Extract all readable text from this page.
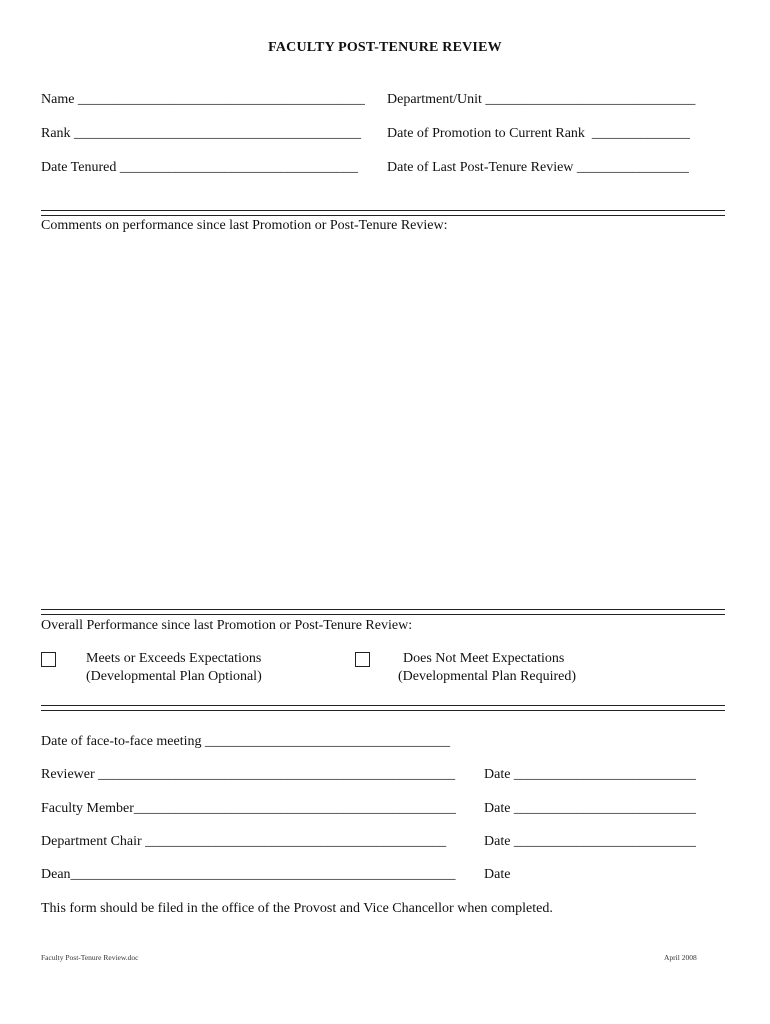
FACULTY POST-TENURE REVIEW
Name _________________________________________ Department/Unit ______________________________
Rank _________________________________________ Date of Promotion to Current Rank  ______________
Date Tenured __________________________________ Date of Last Post-Tenure Review ________________
Comments on performance since last Promotion or Post-Tenure Review:
Overall Performance since last Promotion or Post-Tenure Review:
Meets or Exceeds Expectations
(Developmental Plan Optional)
Does Not Meet Expectations
(Developmental Plan Required)
Date of face-to-face meeting ___________________________________
Reviewer ___________________________________________________ Date __________________________
Faculty Member______________________________________________ Date __________________________
Department Chair ___________________________________________	Date __________________________
Dean_______________________________________________________ Date
This form should be filed in the office of the Provost and Vice Chancellor when completed.
Faculty Post-Tenure Review.doc	April 2008
